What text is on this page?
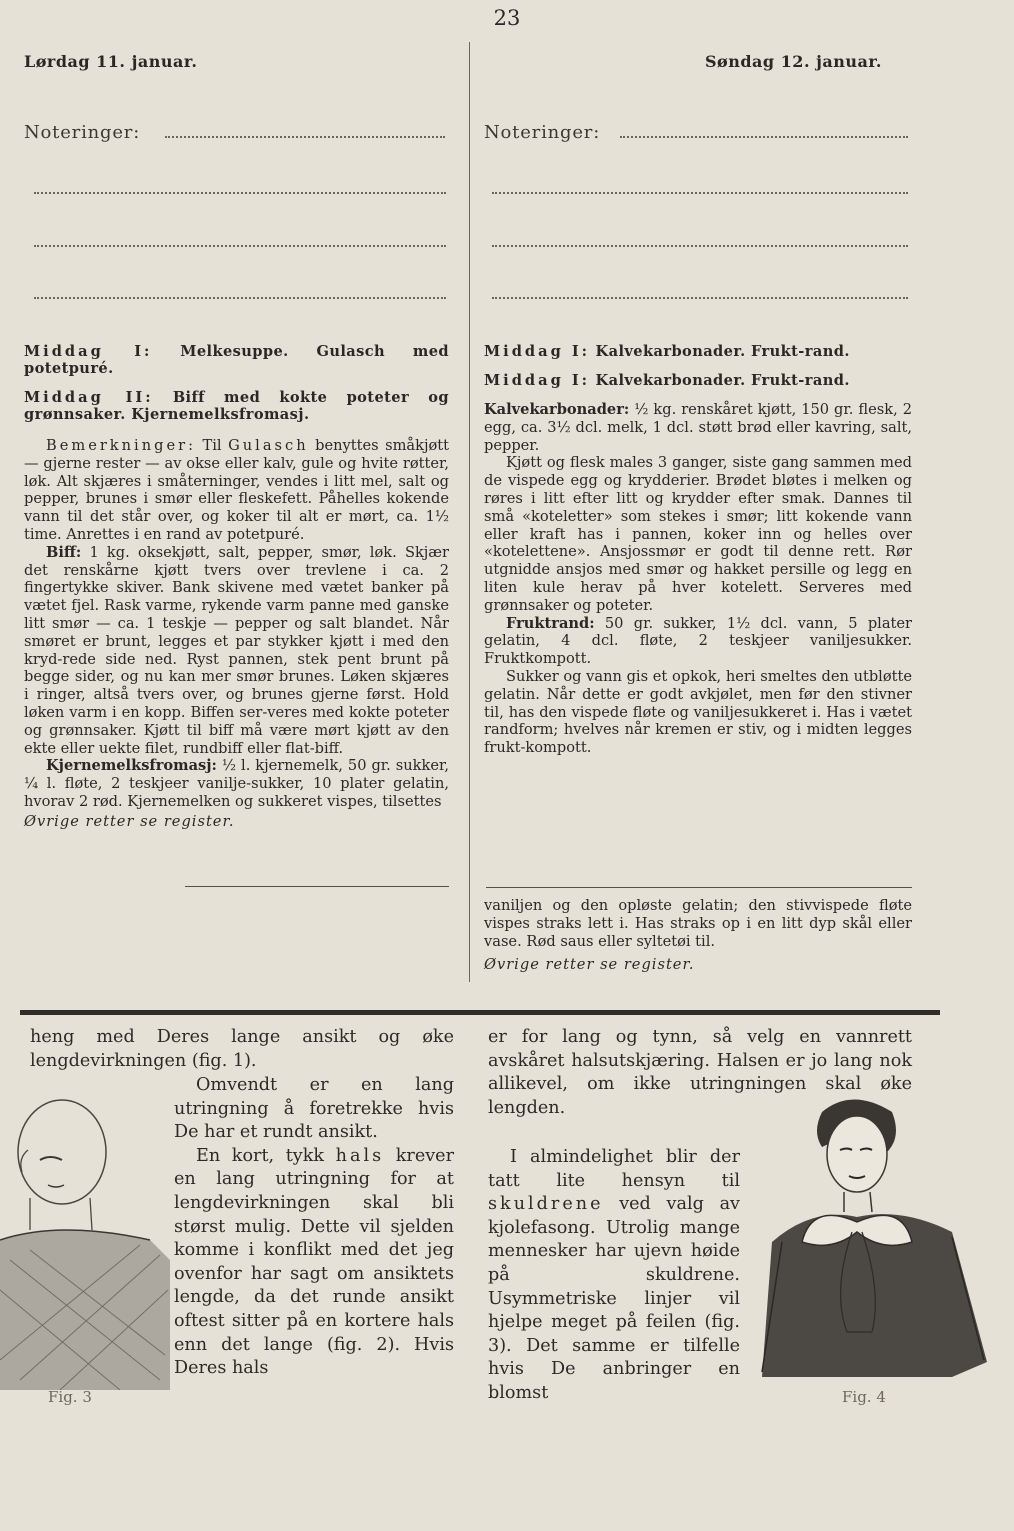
23
Lørdag 11. januar.
Noteringer:
Middag I: Melkesuppe. Gulasch med potetpuré.
Middag II: Biff med kokte poteter og grønnsaker. Kjernemelksfromasj.

Bemerkninger: Til Gulasch benyttes småkjøtt — gjerne rester — av okse eller kalv, gule og hvite røtter, løk. Alt skjæres i småterninger, vendes i litt mel, salt og pepper, brunes i smør eller fleskefett. Påhelles kokende vann til det står over, og koker til alt er mørt, ca. 1½ time. Anrettes i en rand av potetpuré.

Biff: 1 kg. oksekjøtt, salt, pepper, smør, løk. Skjær det renskårne kjøtt tvers over trevlene i ca. 2 fingertykke skiver. Bank skivene med vætet banker på vætet fjel. Rask varme, rykende varm panne med ganske litt smør — ca. 1 teskje — pepper og salt blandet. Når smøret er brunt, legges et par stykker kjøtt i med den kryd-rede side ned. Ryst pannen, stek pent brunt på begge sider, og nu kan mer smør brunes. Løken skjæres i ringer, altså tvers over, og brunes gjerne først. Hold løken varm i en kopp. Biffen ser-veres med kokte poteter og grønnsaker. Kjøtt til biff må være mørt kjøtt av den ekte eller uekte filet, rundbiff eller flat-biff.

Kjernemelksfromasj: ½ l. kjernemelk, 50 gr. sukker, ¼ l. fløte, 2 teskjeer vanilje-sukker, 10 plater gelatin, hvorav 2 rød. Kjernemelken og sukkeret vispes, tilsettes

Øvrige retter se register.

Søndag 12. januar.
Noteringer:
Middag I: Kalvekarbonader. Frukt-rand.
Middag I: Kalvekarbonader. Frukt-rand.

Kalvekarbonader: ½ kg. renskåret kjøtt, 150 gr. flesk, 2 egg, ca. 3½ dcl. melk, 1 dcl. støtt brød eller kavring, salt, pepper.

Kjøtt og flesk males 3 ganger, siste gang sammen med de vispede egg og krydderier. Brødet bløtes i melken og røres i litt efter litt og krydder efter smak. Dannes til små «koteletter» som stekes i smør; litt kokende vann eller kraft has i pannen, koker inn og helles over «kotelettene». Ansjossmør er godt til denne rett. Rør utgnidde ansjos med smør og hakket persille og legg en liten kule herav på hver kotelett. Serveres med grønnsaker og poteter.

Fruktrand: 50 gr. sukker, 1½ dcl. vann, 5 plater gelatin, 4 dcl. fløte, 2 teskjeer vaniljesukker. Fruktkompott.

Sukker og vann gis et opkok, heri smeltes den utbløtte gelatin. Når dette er godt avkjølet, men før den stivner til, has den vispede fløte og vaniljesukkeret i. Has i vætet randform; hvelves når kremen er stiv, og i midten legges frukt-kompott.

vaniljen og den opløste gelatin; den stivvispede fløte vispes straks lett i. Has straks op i en litt dyp skål eller vase. Rød saus eller syltetøi til.

Øvrige retter se register.

heng med Deres lange ansikt og øke lengdevirkningen (fig. 1).

Omvendt er en lang utringning å foretrekke hvis De har et rundt ansikt.

En kort, tykk hals krever en lang utringning for at lengdevirkningen skal bli størst mulig. Dette vil sjelden komme i konflikt med det jeg ovenfor har sagt om ansiktets lengde, da det runde ansikt oftest sitter på en kortere hals enn det lange (fig. 2). Hvis Deres hals

Fig. 3

er for lang og tynn, så velg en vannrett avskåret halsutskjæring. Halsen er jo lang nok allikevel, om ikke utringningen skal øke lengden.

I almindelighet blir der tatt lite hensyn til skuldrene ved valg av kjolefasong. Utrolig mange mennesker har ujevn høide på skuldrene. Usymmetriske linjer vil hjelpe meget på feilen (fig. 3). Det samme er tilfelle hvis De anbringer en blomst	Fig. 4
